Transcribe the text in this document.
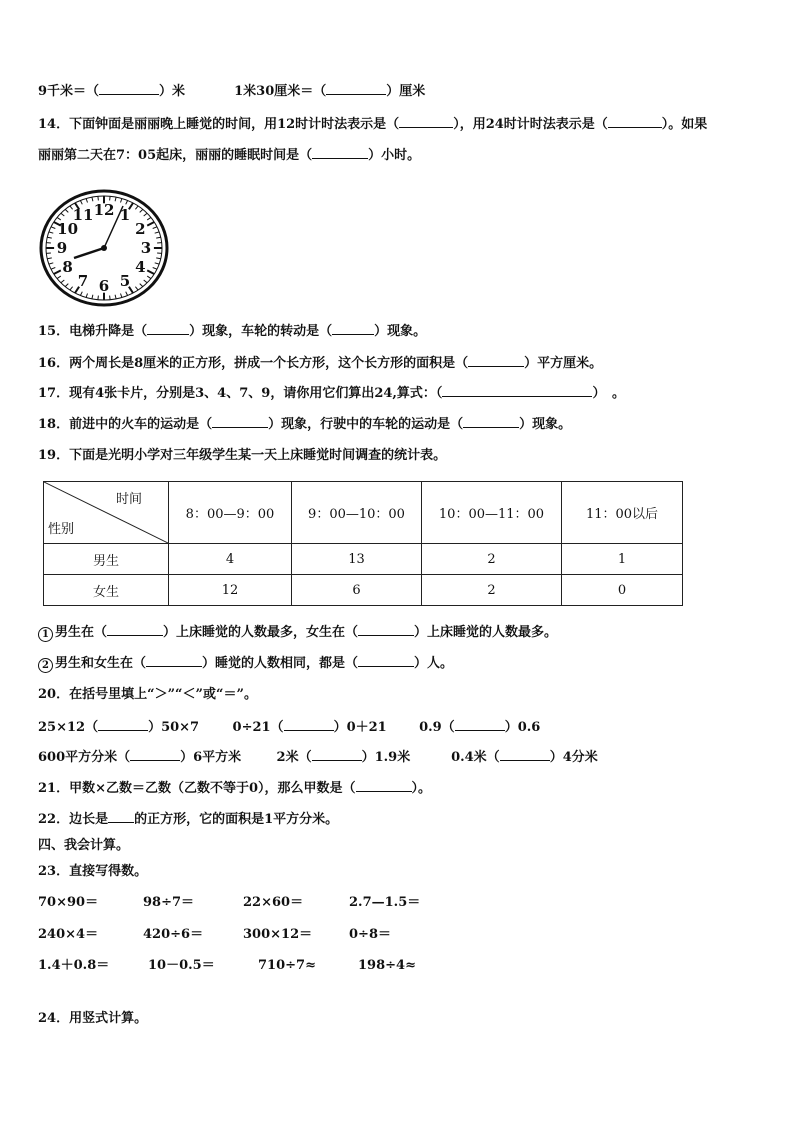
9千米＝（	）米	1米30厘米＝（	）厘米
14．下面钟面是丽丽晚上睡觉的时间，用12时计时法表示是（	），用24时计时法表示是（	）。如果
丽丽第二天在7：05起床，丽丽的睡眠时间是（	）小时。
12 1
2
3
4
5
6
7
8
9
10
11
15．电梯升降是（	）现象，车轮的转动是（	）现象。
16．两个周长是8厘米的正方形，拼成一个长方形，这个长方形的面积是（	）平方厘米。
17．现有4张卡片，分别是3、4、7、9，请你用它们算出24,算式：（	）　。
18．前进中的火车的运动是（	）现象，行驶中的车轮的运动是（	）现象。
19．下面是光明小学对三年级学生某一天上床睡觉时间调查的统计表。
时间
性别	8：00—9：00	9：00—10：00	10：00—11：00	11：00以后
男生	4	13	2	1
女生	12	6	2	0
1 男生在（	）上床睡觉的人数最多，女生在（	）上床睡觉的人数最多。
2 男生和女生在（	）睡觉的人数相同，都是（	）人。
20．在括号里填上“＞”“＜”或“＝”。
25×12（	）50×7	0÷21（	）0＋21 0.9（	）0.6
600平方分米（	）6平方米	2米（	）1.9米	0.4米（	）4分米
21．甲数×乙数＝乙数（乙数不等于0），那么甲数是（	）。
22．边长是 的正方形，它的面积是1平方分米。
四、我会计算。
23．直接写得数。
70×90＝	98÷7＝	22×60＝	2.7—1.5＝
240×4＝	420÷6＝	300×12＝	0÷8＝
1.4＋0.8＝	10－0.5＝	710÷7≈	198÷4≈
24．用竖式计算。
